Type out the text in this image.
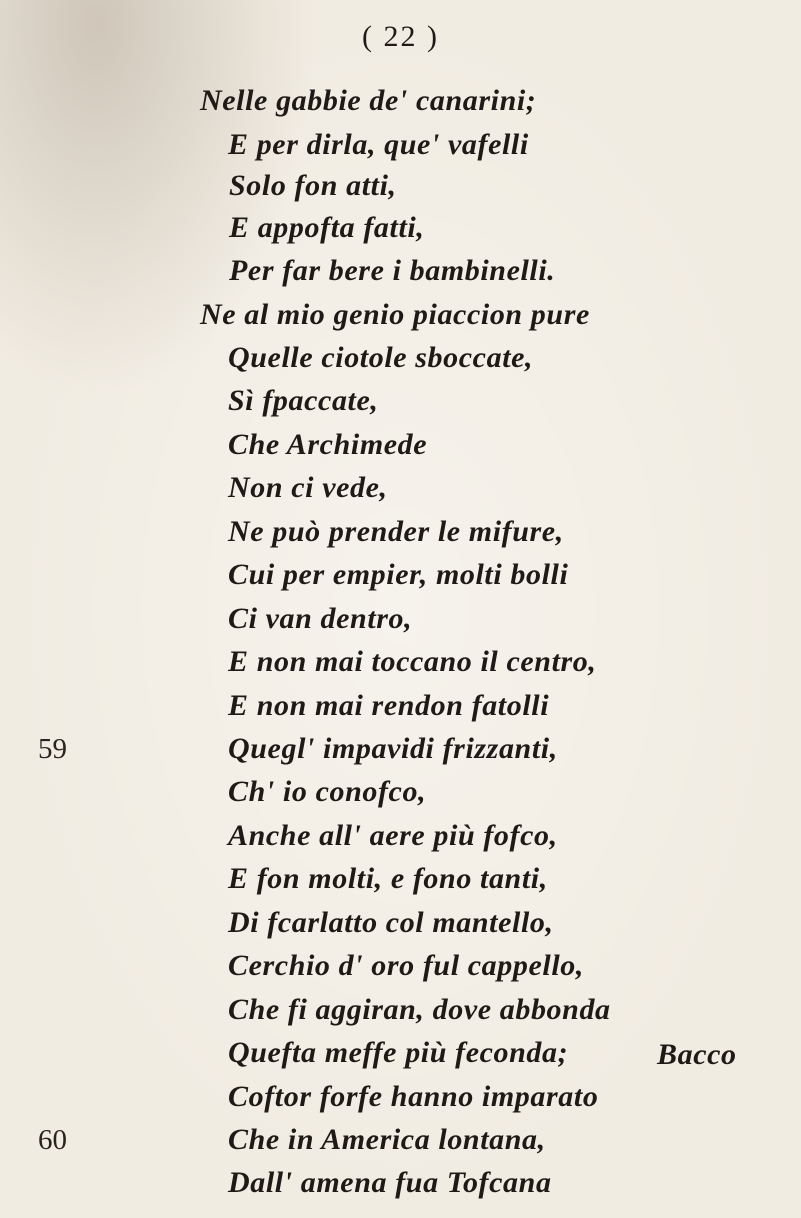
( 22 )
Nelle gabbie de' canarini;
E per dirla, que' vafelli
Solo fon atti,
E appofta fatti,
Per far bere i bambinelli.
Ne al mio genio piaccion pure
Quelle ciotole sboccate,
Sì fpaccate,
Che Archimede
Non ci vede,
Ne può prender le mifure,
Cui per empier, molti bolli
Ci van dentro,
E non mai toccano il centro,
E non mai rendon fatolli
59	Quegl' impavidi frizzanti,
Ch' io conofco,
Anche all' aere più fofco,
E fon molti, e fono tanti,
Di fcarlatto col mantello,
Cerchio d' oro ful cappello,
Che fi aggiran, dove abbonda
Quefta meffe più feconda;
Coftor forfe hanno imparato
60	Che in America lontana,
Dall' amena fua Tofcana
Bacco
